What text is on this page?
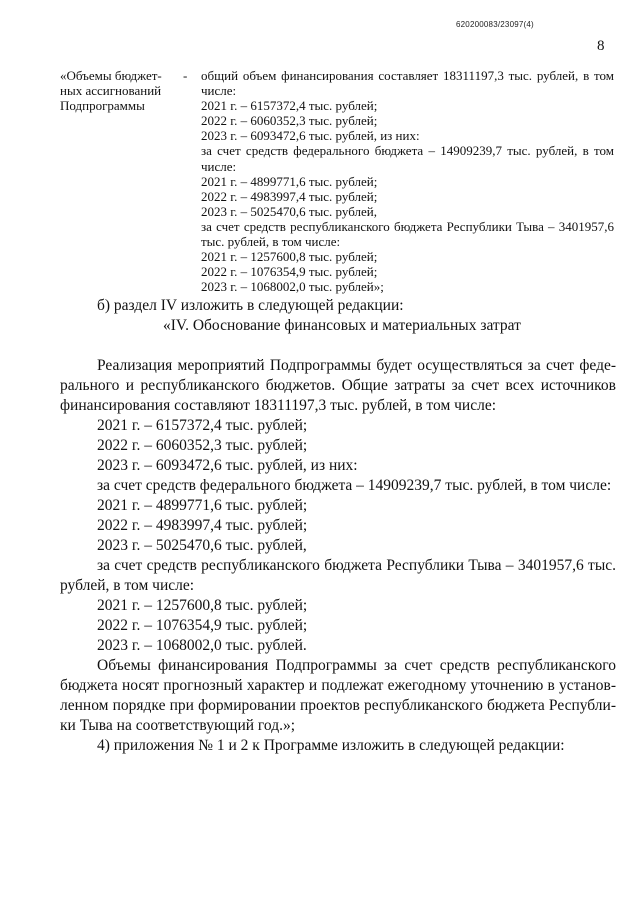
620200083/23097(4)
8
«Объемы бюджет-
ных ассигнований
Подпрограммы
- общий объем финансирования составляет 18311197,3 тыс. рублей, в том
числе:
2021 г. – 6157372,4 тыс. рублей;
2022 г. – 6060352,3 тыс. рублей;
2023 г. – 6093472,6 тыс. рублей, из них:
за счет средств федерального бюджета – 14909239,7 тыс. рублей, в том
числе:
2021 г. – 4899771,6 тыс. рублей;
2022 г. – 4983997,4 тыс. рублей;
2023 г. – 5025470,6 тыс. рублей,
за счет средств республиканского бюджета Республики Тыва – 3401957,6
тыс. рублей, в том числе:
2021 г. – 1257600,8 тыс. рублей;
2022 г. – 1076354,9 тыс. рублей;
2023 г. – 1068002,0 тыс. рублей»;
б) раздел IV изложить в следующей редакции:
«IV. Обоснование финансовых и материальных затрат
Реализация мероприятий Подпрограммы будет осуществляться за счет феде-
рального и республиканского бюджетов. Общие затраты за счет всех источников
финансирования составляют 18311197,3 тыс. рублей, в том числе:
2021 г. – 6157372,4 тыс. рублей;
2022 г. – 6060352,3 тыс. рублей;
2023 г. – 6093472,6 тыс. рублей, из них:
за счет средств федерального бюджета – 14909239,7 тыс. рублей, в том числе:
2021 г. – 4899771,6 тыс. рублей;
2022 г. – 4983997,4 тыс. рублей;
2023 г. – 5025470,6 тыс. рублей,
за счет средств республиканского бюджета Республики Тыва – 3401957,6 тыс.
рублей, в том числе:
2021 г. – 1257600,8 тыс. рублей;
2022 г. – 1076354,9 тыс. рублей;
2023 г. – 1068002,0 тыс. рублей.
Объемы финансирования Подпрограммы за счет средств республиканского
бюджета носят прогнозный характер и подлежат ежегодному уточнению в установ-
ленном порядке при формировании проектов республиканского бюджета Республи-
ки Тыва на соответствующий год.»;
4) приложения № 1 и 2 к Программе изложить в следующей редакции:
